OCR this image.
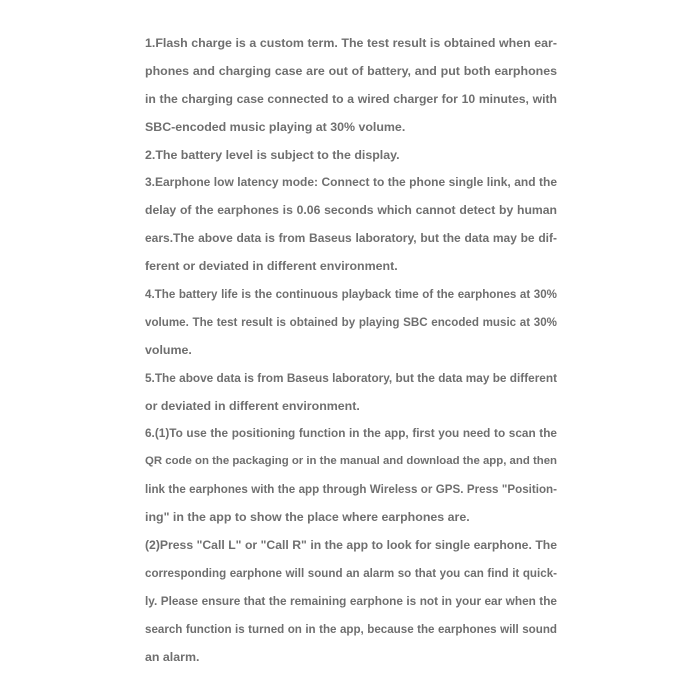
1.Flash charge is a custom term. The test result is obtained when ear-
phones and charging case are out of battery, and put both earphones
in the charging case connected to a wired charger for 10 minutes, with
SBC-encoded music playing at 30% volume.
2.The battery level is subject to the display.
3.Earphone low latency mode: Connect to the phone single link, and the
delay of the earphones is 0.06 seconds which cannot detect by human
ears.The above data is from Baseus laboratory, but the data may be dif-
ferent or deviated in different environment.
4.The battery life is the continuous playback time of the earphones at 30%
volume. The test result is obtained by playing SBC encoded music at 30%
volume.
5.The above data is from Baseus laboratory, but the data may be different
or deviated in different environment.
6.(1)To use the positioning function in the app, first you need to scan the
QR code on the packaging or in the manual and download the app, and then
link the earphones with the app through Wireless or GPS. Press "Position-
ing" in the app to show the place where earphones are.
(2)Press "Call L" or "Call R" in the app to look for single earphone. The
corresponding earphone will sound an alarm so that you can find it quick-
ly. Please ensure that the remaining earphone is not in your ear when the
search function is turned on in the app, because the earphones will sound
an alarm.
